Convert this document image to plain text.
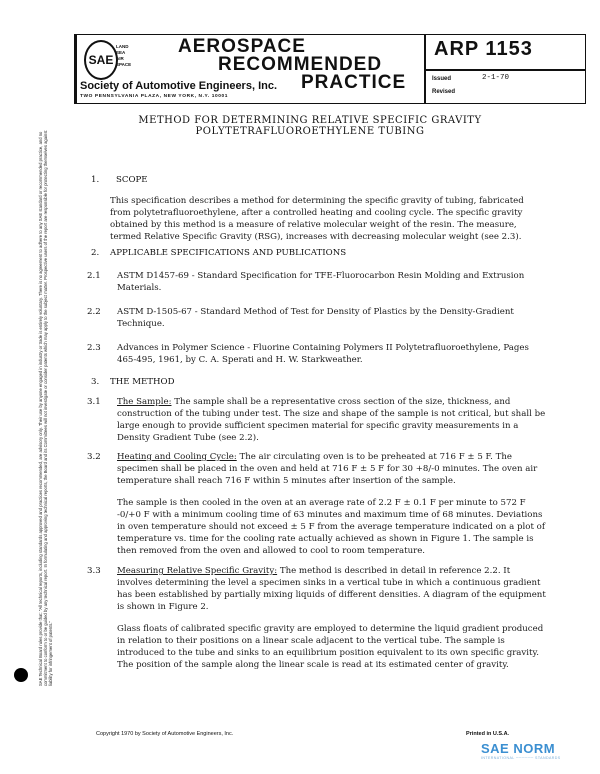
SAE
LAND
SEA
AIR
SPACE
AEROSPACE
RECOMMENDED
PRACTICE
Society of Automotive Engineers, Inc.
TWO PENNSYLVANIA PLAZA, NEW YORK, N.Y. 10001
ARP 1153
Issued	2-1-70
Revised
METHOD FOR DETERMINING RELATIVE SPECIFIC GRAVITY
POLYTETRAFLUOROETHYLENE TUBING
1. SCOPE
This specification describes a method for determining the specific gravity of tubing, fabricated from polytetrafluoroethylene, after a controlled heating and cooling cycle. The specific gravity obtained by this method is a measure of relative molecular weight of the resin. The measure, termed Relative Specific Gravity (RSG), increases with decreasing molecular weight (see 2.3).
2. APPLICABLE SPECIFICATIONS AND PUBLICATIONS
2.1 ASTM D1457-69 - Standard Specification for TFE-Fluorocarbon Resin Molding and Extrusion Materials.
2.2 ASTM D-1505-67 - Standard Method of Test for Density of Plastics by the Density-Gradient Technique.
2.3 Advances in Polymer Science - Fluorine Containing Polymers II Polytetrafluoroethylene, Pages 465-495, 1961, by C. A. Sperati and H. W. Starkweather.
3. THE METHOD
3.1 The Sample: The sample shall be a representative cross section of the size, thickness, and construction of the tubing under test. The size and shape of the sample is not critical, but shall be large enough to provide sufficient specimen material for specific gravity measurements in a Density Gradient Tube (see 2.2).
3.2 Heating and Cooling Cycle: The air circulating oven is to be preheated at 716 F ± 5 F. The specimen shall be placed in the oven and held at 716 F ± 5 F for 30 +8/-0 minutes. The oven air temperature shall reach 716 F within 5 minutes after insertion of the sample.
The sample is then cooled in the oven at an average rate of 2.2 F ± 0.1 F per minute to 572 F -0/+0 F with a minimum cooling time of 63 minutes and maximum time of 68 minutes. Deviations in oven temperature should not exceed ± 5 F from the average temperature indicated on a plot of temperature vs. time for the cooling rate actually achieved as shown in Figure 1. The sample is then removed from the oven and allowed to cool to room temperature.
3.3 Measuring Relative Specific Gravity: The method is described in detail in reference 2.2. It involves determining the level a specimen sinks in a vertical tube in which a continuous gradient has been established by partially mixing liquids of different densities. A diagram of the equipment is shown in Figure 2.
Glass floats of calibrated specific gravity are employed to determine the liquid gradient produced in relation to their positions on a linear scale adjacent to the vertical tube. The sample is introduced to the tube and sinks to an equilibrium position equivalent to its own specific gravity. The position of the sample along the linear scale is read at its estimated center of gravity.
SAE Technical Board rules provide that: "All technical reports, including standards approved and practices recommended, are advisory only. Their use by anyone engaged in industry or trade is entirely voluntary. There is no agreement to adhere to any SAE standard or recommended practice, and no commitment to conform to or be guided by any technical report. In formulating and approving technical reports, the Board and its Committees will not investigate or consider patents which may apply to the subject matter. Prospective users of the report are responsible for protecting themselves against liability for infringement of patents."
Copyright 1970 by Society of Automotive Engineers, Inc.	Printed in U.S.A.
SAE NORM
INTERNATIONAL ────── STANDARDS
